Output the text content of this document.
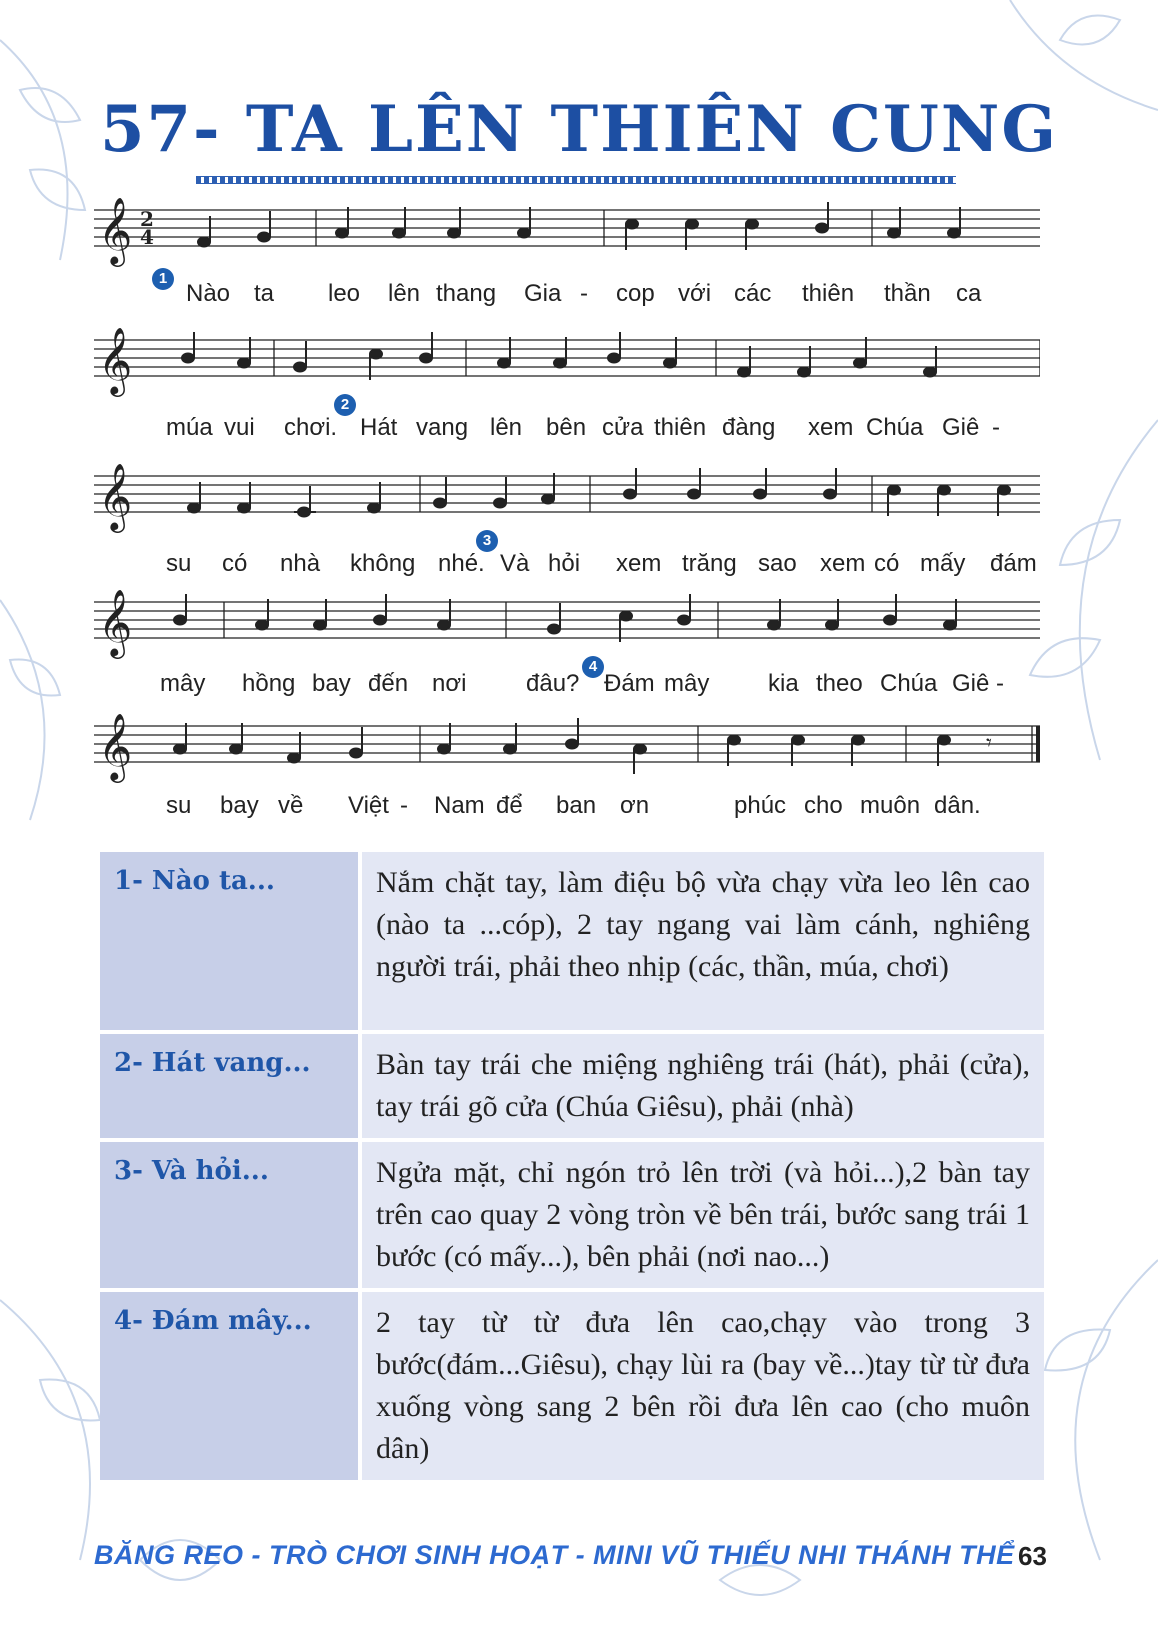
57- TA LÊN THIÊN CUNG
𝄞 2
4
1
Nào ta leo lên thang Gia - cop với các thiên thần ca
𝄞
2
múa vui chơi. Hát vang lên bên cửa thiên đàng xem Chúa Giê -
𝄞
3
su có nhà không nhé. Và hỏi xem trăng sao xem có mấy đám
𝄞
4
mây hồng bay đến nơi đâu? Đám mây kia theo Chúa Giê -
𝄞	𝄾
su bay về Việt - Nam để ban ơn	phúc cho muôn dân.
1- Nào ta...	Nắm chặt tay, làm điệu bộ vừa chạy vừa leo lên cao (nào ta ...cóp), 2 tay ngang vai làm cánh, nghiêng người trái, phải theo nhịp (các, thần, múa, chơi)
2- Hát vang...	Bàn tay trái che miệng nghiêng trái (hát), phải (cửa), tay trái gõ cửa (Chúa Giêsu), phải (nhà)
3- Và hỏi...	Ngửa mặt, chỉ ngón trỏ lên trời (và hỏi...),2 bàn tay trên cao quay 2 vòng tròn về bên trái, bước sang trái 1 bước (có mấy...), bên phải (nơi nao...)
4- Đám mây...	2 tay từ từ đưa lên cao,chạy vào trong 3 bước(đám...Giêsu), chạy lùi ra (bay về...)tay từ từ đưa xuống vòng sang 2 bên rồi đưa lên cao (cho muôn dân)
BĂNG REO - TRÒ CHƠI SINH HOẠT - MINI VŨ THIẾU NHI THÁNH THỂ 63
